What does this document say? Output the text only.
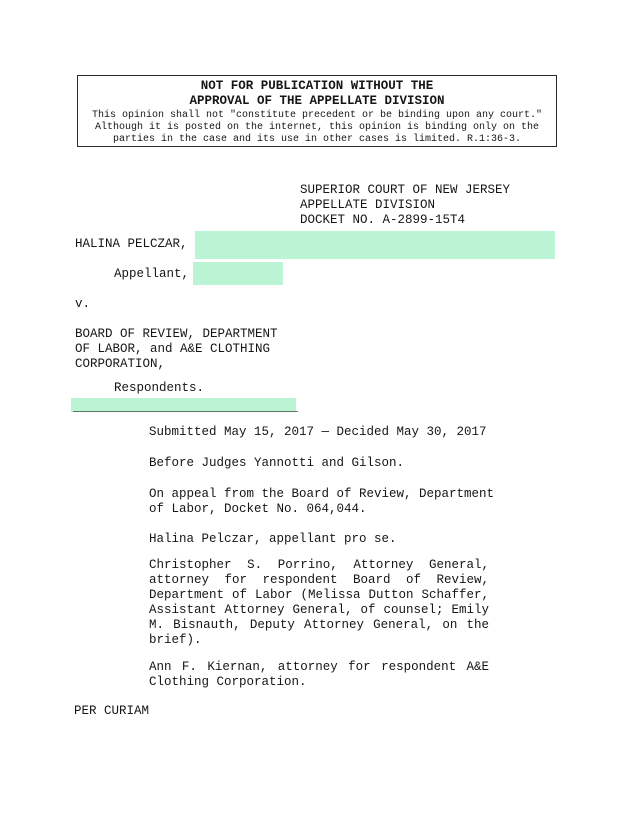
NOT FOR PUBLICATION WITHOUT THE
APPROVAL OF THE APPELLATE DIVISION
This opinion shall not "constitute precedent or be binding upon any court."
Although it is posted on the internet, this opinion is binding only on the
parties in the case and its use in other cases is limited. R.1:36-3.
SUPERIOR COURT OF NEW JERSEY
APPELLATE DIVISION
DOCKET NO. A-2899-15T4
HALINA PELCZAR,
Appellant,
v.
BOARD OF REVIEW, DEPARTMENT
OF LABOR, and A&E CLOTHING
CORPORATION,
Respondents.
______________________________
Submitted May 15, 2017 — Decided May 30, 2017
Before Judges Yannotti and Gilson.
On appeal from the Board of Review, Department
of Labor, Docket No. 064,044.
Halina Pelczar, appellant pro se.
Christopher S. Porrino, Attorney General,
attorney for respondent Board of Review,
Department of Labor (Melissa Dutton Schaffer,
Assistant Attorney General, of counsel; Emily
M. Bisnauth, Deputy Attorney General, on the
brief).
Ann F. Kiernan, attorney for respondent A&E
Clothing Corporation.
PER CURIAM
